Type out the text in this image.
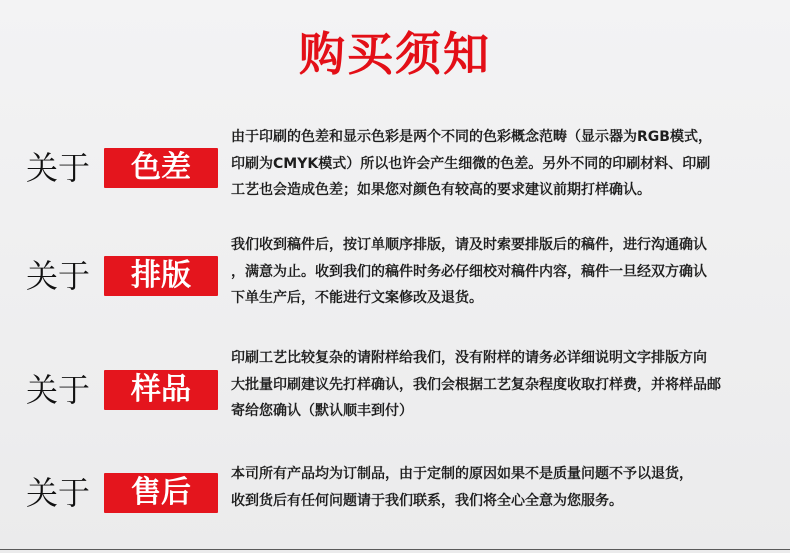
购买须知
关于	色差

由于印刷的色差和显示色彩是两个不同的色彩概念范畴（显示器为RGB模式，

印刷为CMYK模式）所以也许会产生细微的色差。另外不同的印刷材料、印刷

工艺也会造成色差；如果您对颜色有较高的要求建议前期打样确认。

关于	排版

我们收到稿件后，按订单顺序排版，请及时索要排版后的稿件，进行沟通确认

，满意为止。收到我们的稿件时务必仔细校对稿件内容，稿件一旦经双方确认

下单生产后，不能进行文案修改及退货。

关于	样品

印刷工艺比较复杂的请附样给我们，没有附样的请务必详细说明文字排版方向

大批量印刷建议先打样确认，我们会根据工艺复杂程度收取打样费，并将样品邮

寄给您确认（默认顺丰到付）

关于	售后

本司所有产品均为订制品，由于定制的原因如果不是质量问题不予以退货，

收到货后有任何问题请于我们联系，我们将全心全意为您服务。
